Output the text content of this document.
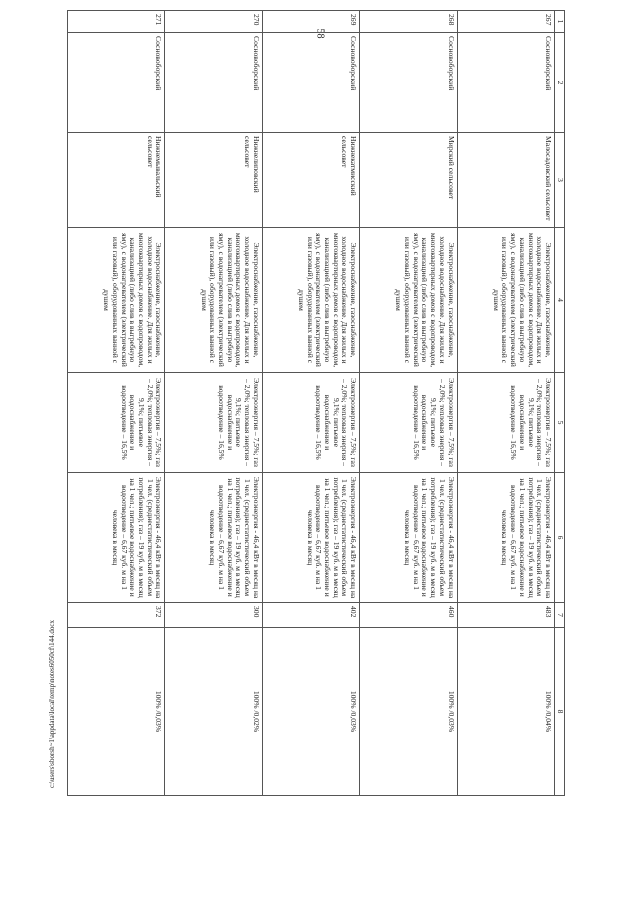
58
1	2	3	4	5	6	7	8
267	Сосновоборский	Малосадовский сельсовет	Электроснабжение, газоснабжение, холодное водоснабжение. Для жилых и многоквартирных домов с водопроводом, канализацией (либо слив в выгребную яму), с водонагревателем (электрический или газовый), оборудованных ванной с душем	Электроэнергия – 7,5%; газ – 2,0%; тепловая энергия – 9,1%; питьевое водоснабжение и водоотведение – 16,5%	Электроэнергия - 46,4 кВт в месяц на 1 чел. (среднестатистический объем потребления); газ – 19 куб. м в месяц на 1 чел.; питьевое водоснабжение и водоотведение – 6,67 куб. м на 1 человека в месяц	483	100% /0,04%
268	Сосновоборский	Мирский сельсовет	Электроснабжение, газоснабжение, холодное водоснабжение. Для жилых и многоквартирных домов с водопроводом, канализацией (либо слив в выгребную яму), с водонагревателем (электрический или газовый), оборудованных ванной с душем	Электроэнергия – 7,5%; газ – 2,0%; тепловая энергия – 9,1%; питьевое водоснабжение и водоотведение – 16,5%	Электроэнергия - 46,4 кВт в месяц на 1 чел. (среднестатистический объем потребления); газ – 19 куб. м в месяц на 1 чел.; питьевое водоснабжение и водоотведение – 6,67 куб. м на 1 человека в месяц	460	100% /0,03%
269	Сосновоборский	Нижнекатмисский сельсовет	Электроснабжение, газоснабжение, холодное водоснабжение. Для жилых и многоквартирных домов с водопроводом, канализацией (либо слив в выгребную яму), с водонагревателем (электрический или газовый), оборудованных ванной с душем	Электроэнергия – 7,5%; газ – 2,0%; тепловая энергия – 9,1%; питьевое водоснабжение и водоотведение – 16,5%	Электроэнергия - 46,4 кВт в месяц на 1 чел. (среднестатистический объем потребления); газ – 19 куб. м в месяц на 1 чел.; питьевое водоснабжение и водоотведение – 6,67 куб. м на 1 человека в месяц	402	100% /0,03%
270	Сосновоборский	Нижнелиповский сельсовет	Электроснабжение, газоснабжение, холодное водоснабжение. Для жилых и многоквартирных домов с водопроводом, канализацией (либо слив в выгребную яму), с водонагревателем (электрический или газовый), оборудованных ванной с душем	Электроэнергия – 7,5%; газ – 2,0%; тепловая энергия – 9,1%; питьевое водоснабжение и водоотведение – 16,5%	Электроэнергия - 46,4 кВт в месяц на 1 чел. (среднестатистический объем потребления); газ – 19 куб. м в месяц на 1 чел.; питьевое водоснабжение и водоотведение – 6,67 куб. м на 1 человека в месяц	300	100% /0,02%
271	Сосновоборский	Нижнемывальский сельсовет	Электроснабжение, газоснабжение, холодное водоснабжение. Для жилых и многоквартирных домов с водопроводом, канализацией (либо слив в выгребную яму), с водонагревателем (электрический или газовый), оборудованных ванной с душем	Электроэнергия – 7,5%; газ – 2,0%; тепловая энергия – 9,1%; питьевое водоснабжение и водоотведение – 16,5%	Электроэнергия - 46,4 кВт в месяц на 1 чел. (среднестатистический объем потребления); газ – 19 куб. м в месяц на 1 чел.; питьевое водоснабжение и водоотведение – 6,67 куб. м на 1 человека в месяц	372	100% /0,03%
c:\users\sborsh~1\appdata\local\temp\notes6050cf\144.docx
